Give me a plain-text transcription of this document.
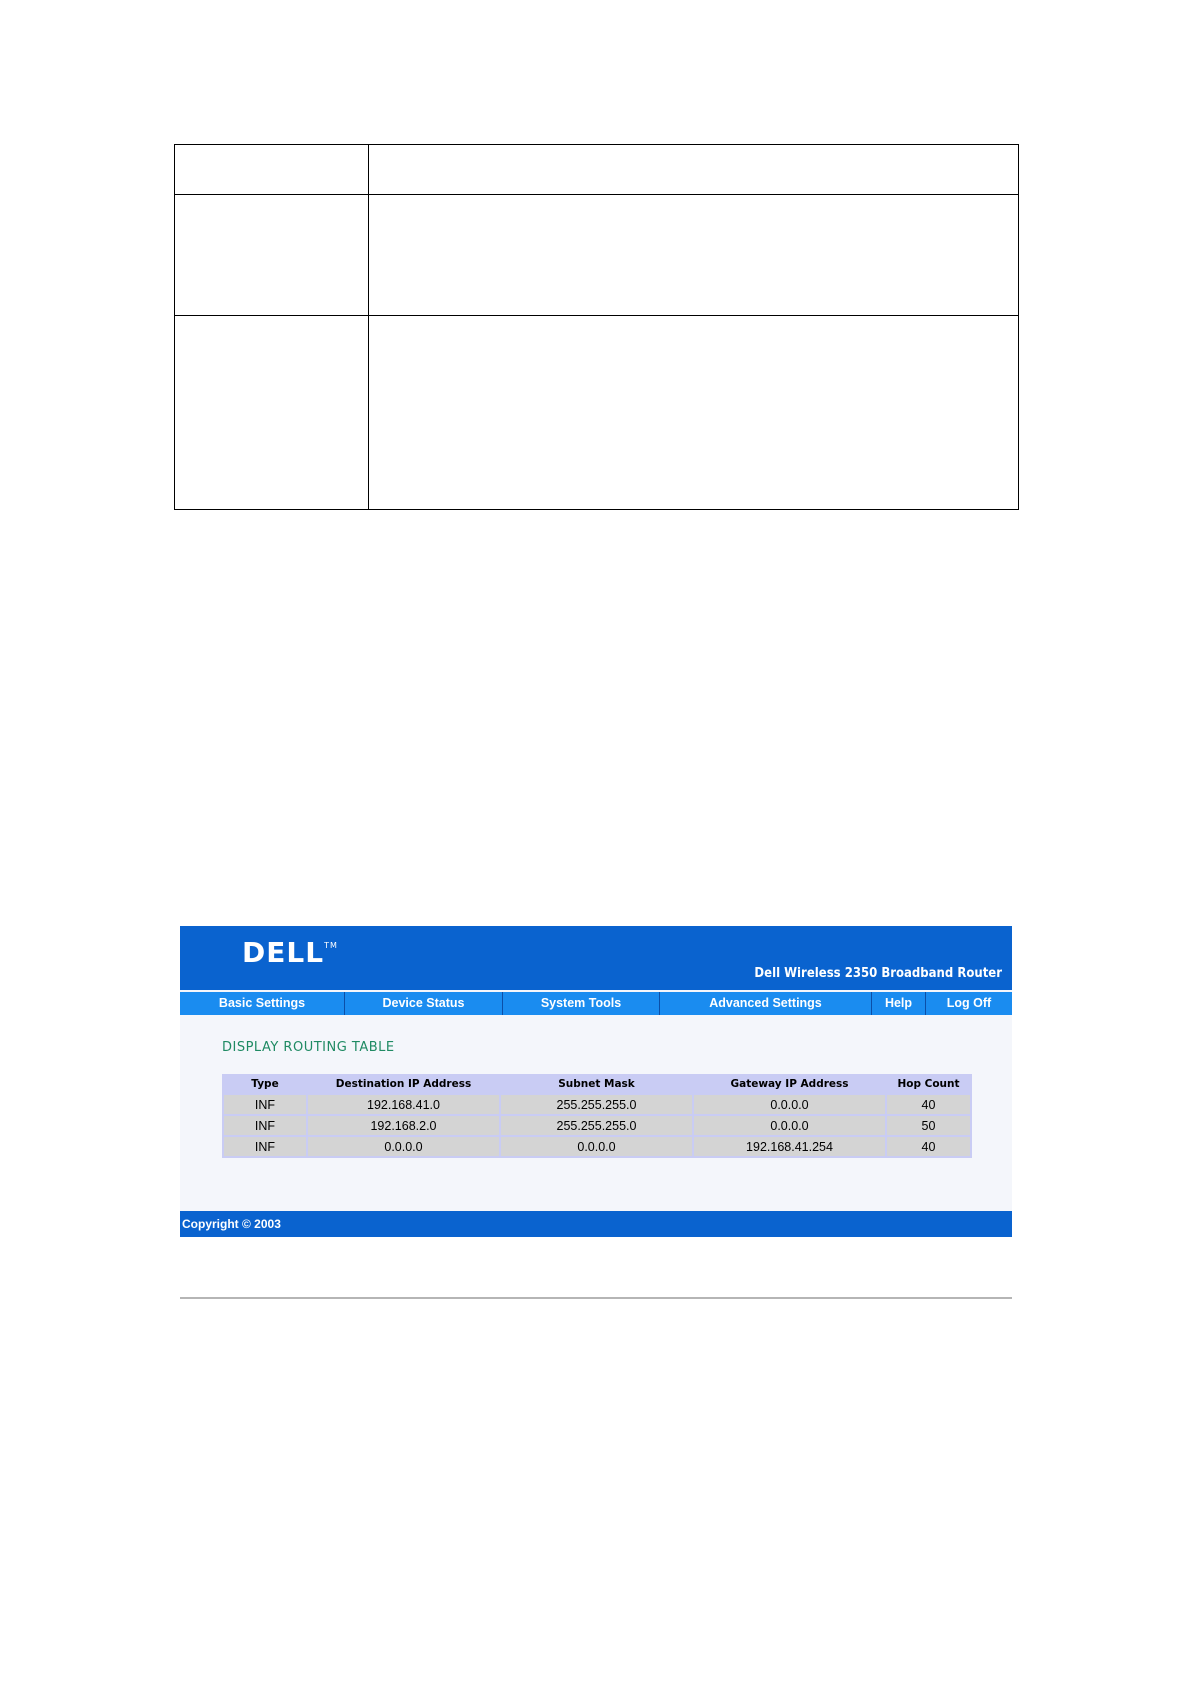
DELL™
Dell Wireless 2350 Broadband Router
Basic Settings	Device Status	System Tools	Advanced Settings	Help	Log Off
DISPLAY ROUTING TABLE
Type	Destination IP Address	Subnet Mask	Gateway IP Address	Hop Count
INF	192.168.41.0	255.255.255.0	0.0.0.0	40
INF	192.168.2.0	255.255.255.0	0.0.0.0	50
INF	0.0.0.0	0.0.0.0	192.168.41.254	40
Copyright © 2003
